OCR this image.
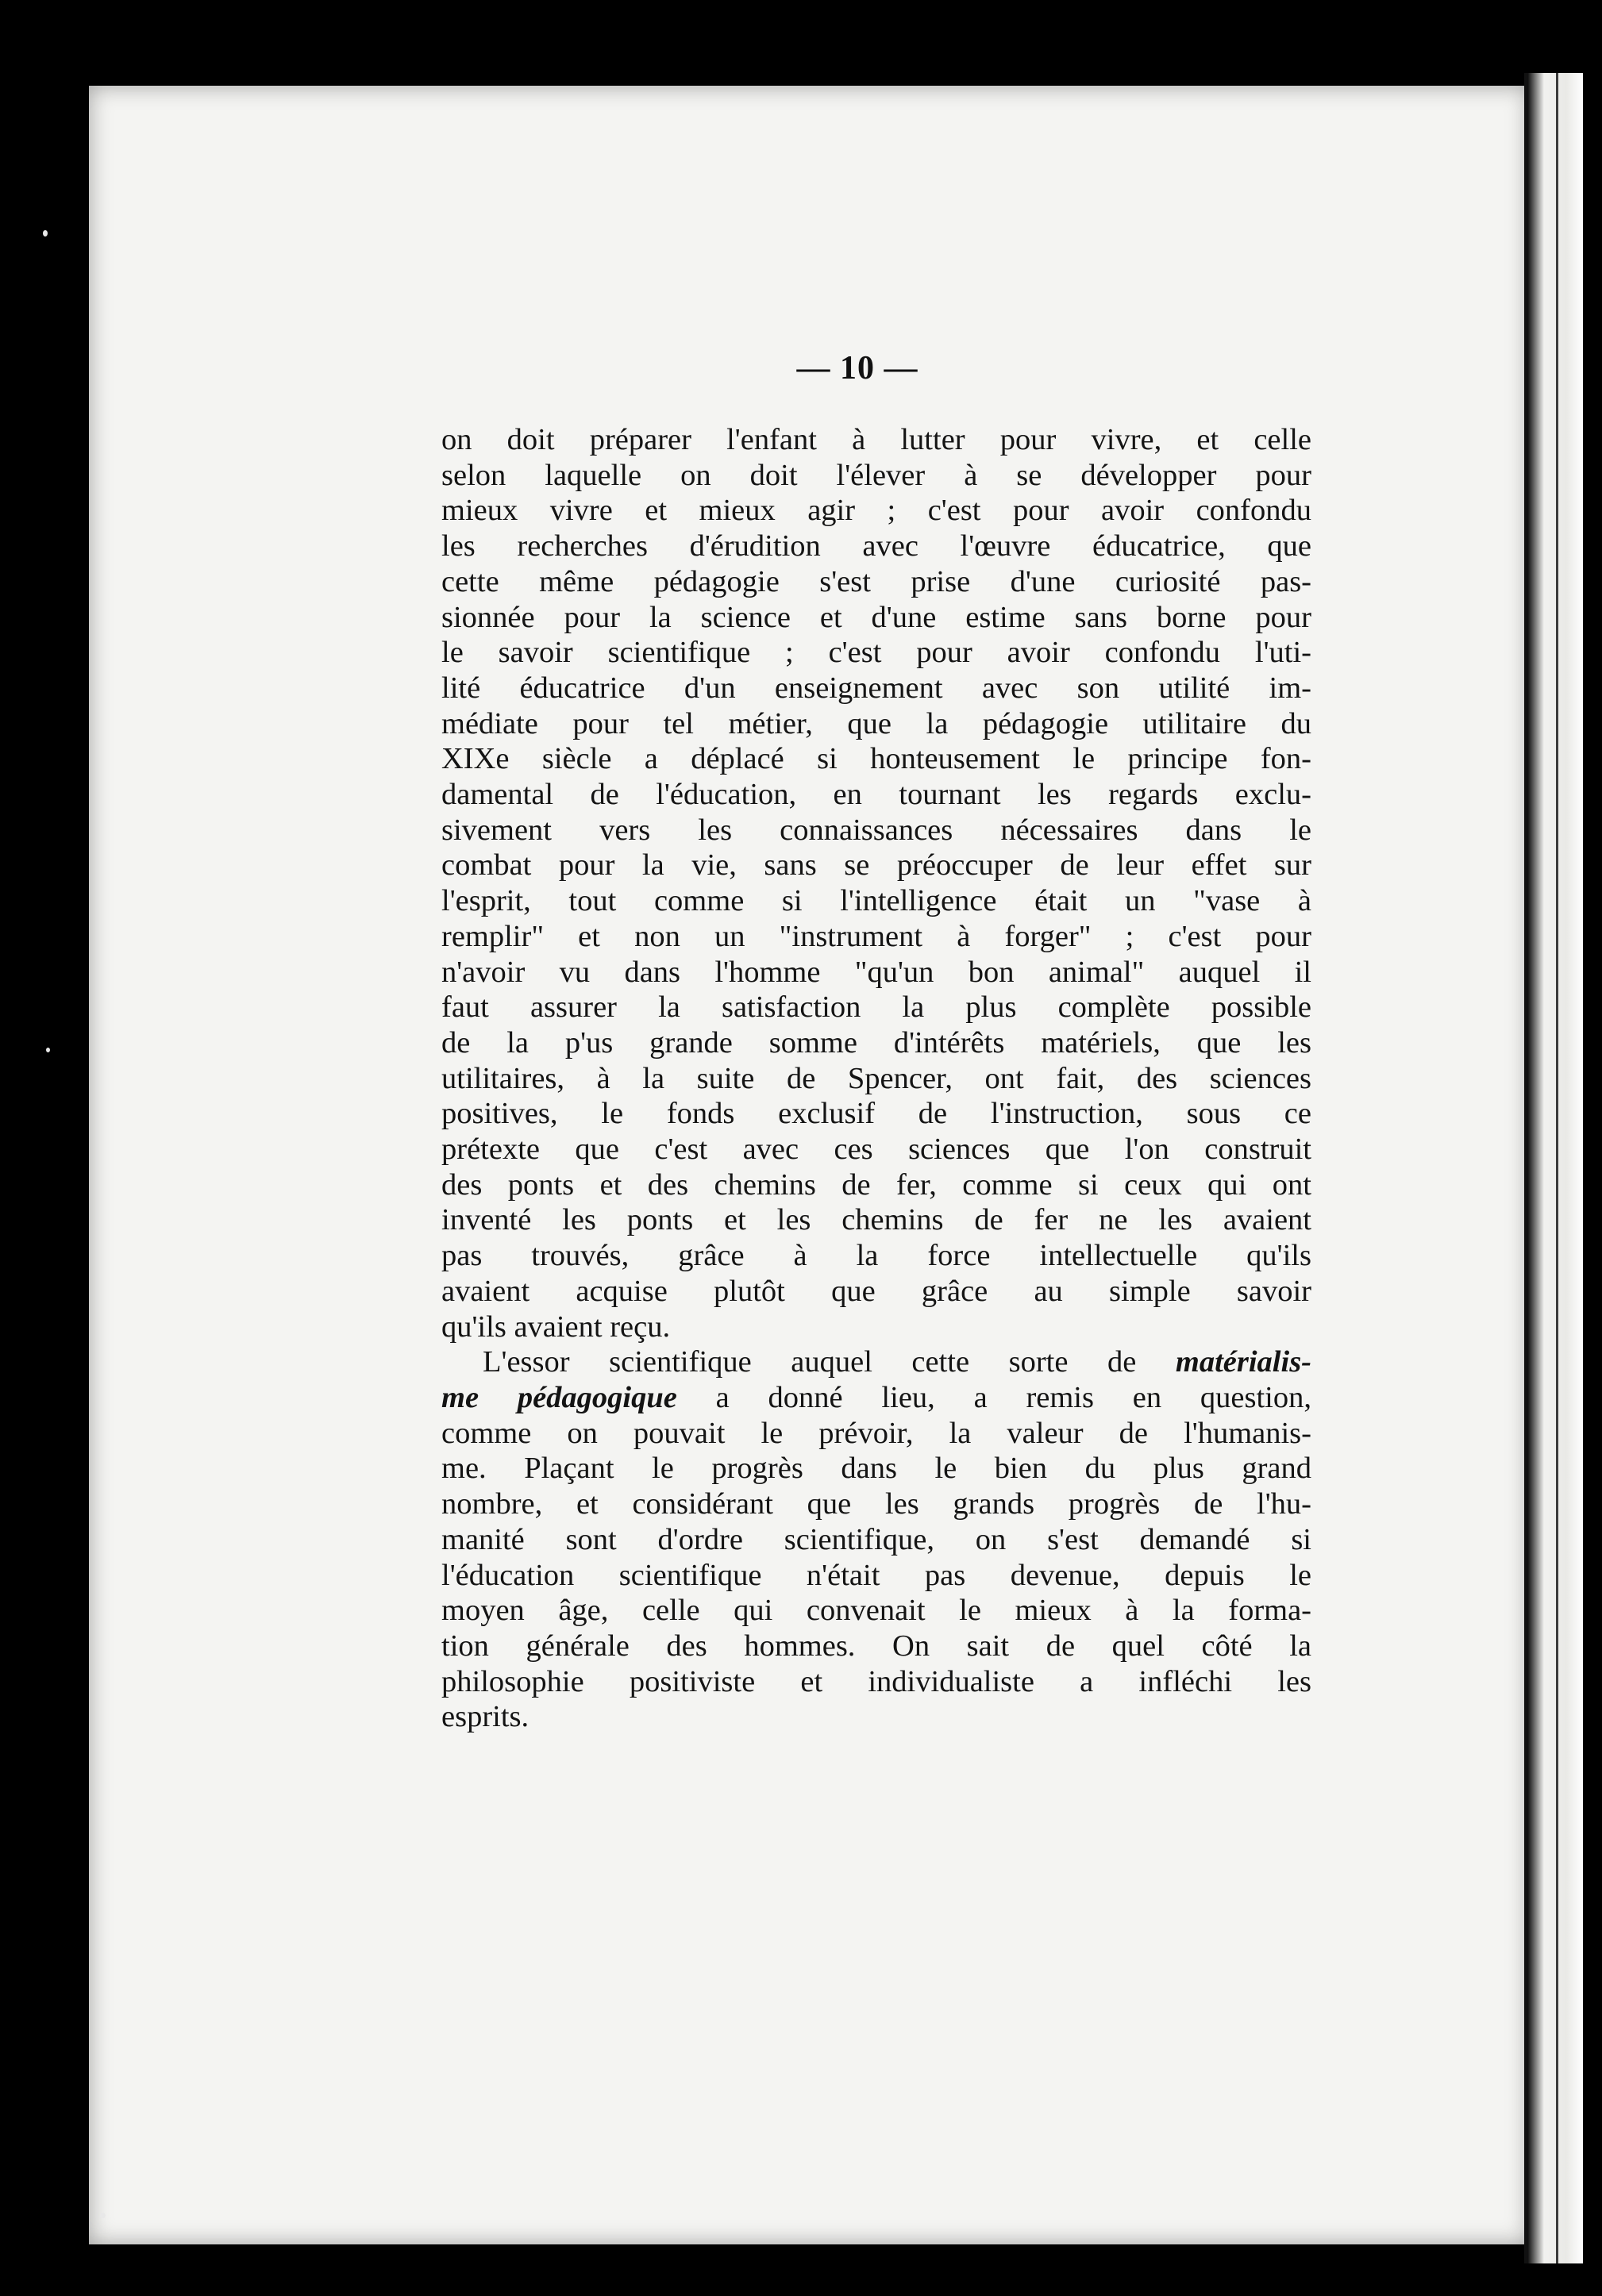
— 10 —
on doit préparer l'enfant à lutter pour vivre, et celle
selon laquelle on doit l'élever à se développer pour
mieux vivre et mieux agir ; c'est pour avoir confondu
les recherches d'érudition avec l'œuvre éducatrice, que
cette même pédagogie s'est prise d'une curiosité pas-
sionnée pour la science et d'une estime sans borne pour
le savoir scientifique ; c'est pour avoir confondu l'uti-
lité éducatrice d'un enseignement avec son utilité im-
médiate pour tel métier, que la pédagogie utilitaire du
XIXe siècle a déplacé si honteusement le principe fon-
damental de l'éducation, en tournant les regards exclu-
sivement vers les connaissances nécessaires dans le
combat pour la vie, sans se préoccuper de leur effet sur
l'esprit, tout comme si l'intelligence était un "vase à
remplir" et non un "instrument à forger" ; c'est pour
n'avoir vu dans l'homme "qu'un bon animal" auquel il
faut assurer la satisfaction la plus complète possible
de la p'us grande somme d'intérêts matériels, que les
utilitaires, à la suite de Spencer, ont fait, des sciences
positives, le fonds exclusif de l'instruction, sous ce
prétexte que c'est avec ces sciences que l'on construit
des ponts et des chemins de fer, comme si ceux qui ont
inventé les ponts et les chemins de fer ne les avaient
pas trouvés, grâce à la force intellectuelle qu'ils
avaient acquise plutôt que grâce au simple savoir
qu'ils avaient reçu.
L'essor scientifique auquel cette sorte de matérialis-
me pédagogique a donné lieu, a remis en question,
comme on pouvait le prévoir, la valeur de l'humanis-
me. Plaçant le progrès dans le bien du plus grand
nombre, et considérant que les grands progrès de l'hu-
manité sont d'ordre scientifique, on s'est demandé si
l'éducation scientifique n'était pas devenue, depuis le
moyen âge, celle qui convenait le mieux à la forma-
tion générale des hommes. On sait de quel côté la
philosophie positiviste et individualiste a infléchi les
esprits.
